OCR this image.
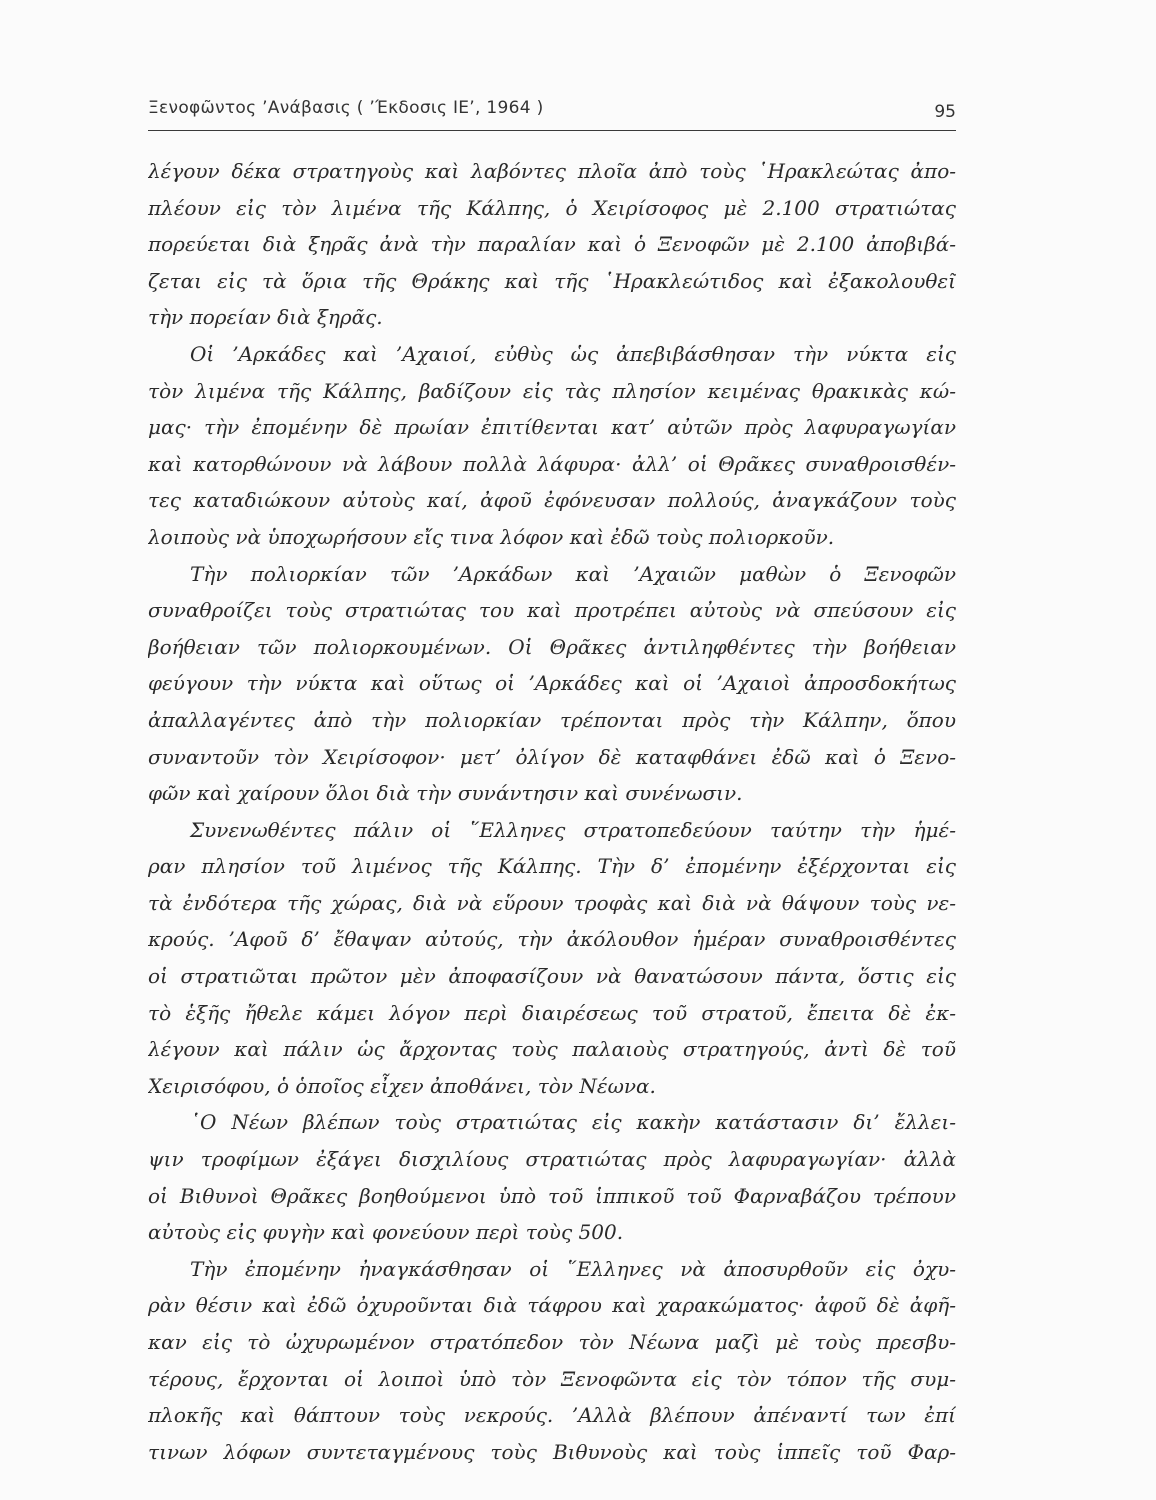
Ξενοφῶντος ’Ανάβασις ( ’Έκδοσις ΙΕ’, 1964 )	95
λέγουν δέκα στρατηγοὺς καὶ λαβόντες πλοῖα ἀπὸ τοὺς ῾Ηρακλεώτας ἀπο-
πλέουν εἰς τὸν λιμένα τῆς Κάλπης, ὁ Χειρίσοφος μὲ 2.100 στρατιώτας
πορεύεται διὰ ξηρᾶς ἀνὰ τὴν παραλίαν καὶ ὁ Ξενοφῶν μὲ 2.100 ἀποβιβά-
ζεται εἰς τὰ ὅρια τῆς Θράκης καὶ τῆς ῾Ηρακλεώτιδος καὶ ἐξακολουθεῖ
τὴν πορείαν διὰ ξηρᾶς.
Οἱ ’Αρκάδες καὶ ’Αχαιοί, εὐθὺς ὡς ἀπεβιβάσθησαν τὴν νύκτα εἰς
τὸν λιμένα τῆς Κάλπης, βαδίζουν εἰς τὰς πλησίον κειμένας θρακικὰς κώ-
μας· τὴν ἐπομένην δὲ πρωίαν ἐπιτίθενται κατ’ αὐτῶν πρὸς λαφυραγωγίαν
καὶ κατορθώνουν νὰ λάβουν πολλὰ λάφυρα· ἀλλ’ οἱ Θρᾶκες συναθροισθέν-
τες καταδιώκουν αὐτοὺς καί, ἀφοῦ ἐφόνευσαν πολλούς, ἀναγκάζουν τοὺς
λοιποὺς νὰ ὑποχωρήσουν εἴς τινα λόφον καὶ ἐδῶ τοὺς πολιορκοῦν.
Τὴν πολιορκίαν τῶν ’Αρκάδων καὶ ’Αχαιῶν μαθὼν ὁ Ξενοφῶν
συναθροίζει τοὺς στρατιώτας του καὶ προτρέπει αὐτοὺς νὰ σπεύσουν εἰς
βοήθειαν τῶν πολιορκουμένων. Οἱ Θρᾶκες ἀντιληφθέντες τὴν βοήθειαν
φεύγουν τὴν νύκτα καὶ οὕτως οἱ ’Αρκάδες καὶ οἱ ’Αχαιοὶ ἀπροσδοκήτως
ἀπαλλαγέντες ἀπὸ τὴν πολιορκίαν τρέπονται πρὸς τὴν Κάλπην, ὅπου
συναντοῦν τὸν Χειρίσοφον· μετ’ ὀλίγον δὲ καταφθάνει ἐδῶ καὶ ὁ Ξενο-
φῶν καὶ χαίρουν ὅλοι διὰ τὴν συνάντησιν καὶ συνένωσιν.
Συνενωθέντες πάλιν οἱ ῞Ελληνες στρατοπεδεύουν ταύτην τὴν ἡμέ-
ραν πλησίον τοῦ λιμένος τῆς Κάλπης. Τὴν δ’ ἐπομένην ἐξέρχονται εἰς
τὰ ἐνδότερα τῆς χώρας, διὰ νὰ εὕρουν τροφὰς καὶ διὰ νὰ θάψουν τοὺς νε-
κρούς. ’Αφοῦ δ’ ἔθαψαν αὐτούς, τὴν ἀκόλουθον ἡμέραν συναθροισθέντες
οἱ στρατιῶται πρῶτον μὲν ἀποφασίζουν νὰ θανατώσουν πάντα, ὅστις εἰς
τὸ ἑξῆς ἤθελε κάμει λόγον περὶ διαιρέσεως τοῦ στρατοῦ, ἔπειτα δὲ ἐκ-
λέγουν καὶ πάλιν ὡς ἄρχοντας τοὺς παλαιοὺς στρατηγούς, ἀντὶ δὲ τοῦ
Χειρισόφου, ὁ ὁποῖος εἶχεν ἀποθάνει, τὸν Νέωνα.
῾Ο Νέων βλέπων τοὺς στρατιώτας εἰς κακὴν κατάστασιν δι’ ἔλλει-
ψιν τροφίμων ἐξάγει δισχιλίους στρατιώτας πρὸς λαφυραγωγίαν· ἀλλὰ
οἱ Βιθυνοὶ Θρᾶκες βοηθούμενοι ὑπὸ τοῦ ἱππικοῦ τοῦ Φαρναβάζου τρέπουν
αὐτοὺς εἰς φυγὴν καὶ φονεύουν περὶ τοὺς 500.
Τὴν ἐπομένην ἠναγκάσθησαν οἱ ῞Ελληνες νὰ ἀποσυρθοῦν εἰς ὀχυ-
ρὰν θέσιν καὶ ἐδῶ ὀχυροῦνται διὰ τάφρου καὶ χαρακώματος· ἀφοῦ δὲ ἀφῆ-
καν εἰς τὸ ὠχυρωμένον στρατόπεδον τὸν Νέωνα μαζὶ μὲ τοὺς πρεσβυ-
τέρους, ἔρχονται οἱ λοιποὶ ὑπὸ τὸν Ξενοφῶντα εἰς τὸν τόπον τῆς συμ-
πλοκῆς καὶ θάπτουν τοὺς νεκρούς. ’Αλλὰ βλέπουν ἀπέναντί των ἐπί
τινων λόφων συντεταγμένους τοὺς Βιθυνοὺς καὶ τοὺς ἱππεῖς τοῦ Φαρ-
